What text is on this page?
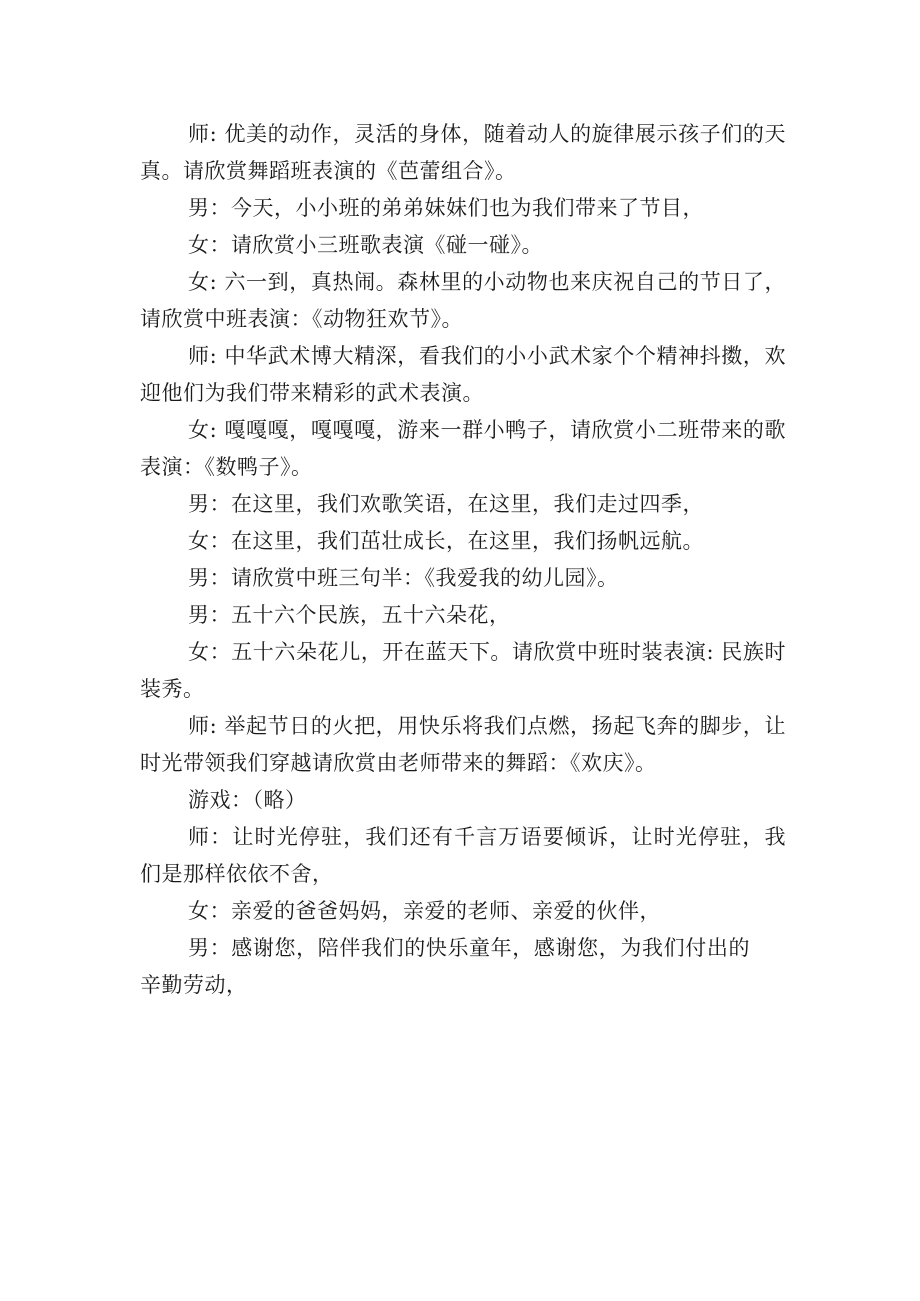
师: 优美的动作，灵活的身体，随着动人的旋律展示孩子们的天真。请欣赏舞蹈班表演的《芭蕾组合》。

男：今天，小小班的弟弟妹妹们也为我们带来了节目，

女：请欣赏小三班歌表演《碰一碰》。

女: 六一到，真热闹。森林里的小动物也来庆祝自己的节日了，请欣赏中班表演：《动物狂欢节》。

师: 中华武术博大精深，看我们的小小武术家个个精神抖擞，欢迎他们为我们带来精彩的武术表演。

女: 嘎嘎嘎，嘎嘎嘎，游来一群小鸭子，请欣赏小二班带来的歌表演：《数鸭子》。

男：在这里，我们欢歌笑语，在这里，我们走过四季，

女：在这里，我们茁壮成长，在这里，我们扬帆远航。

男：请欣赏中班三句半：《我爱我的幼儿园》。

男：五十六个民族，五十六朵花，

女：五十六朵花儿，开在蓝天下。请欣赏中班时装表演: 民族时装秀。

师: 举起节日的火把，用快乐将我们点燃，扬起飞奔的脚步，让时光带领我们穿越请欣赏由老师带来的舞蹈：《欢庆》。

游戏：（略）

师：让时光停驻，我们还有千言万语要倾诉，让时光停驻，我们是那样依依不舍，

女：亲爱的爸爸妈妈，亲爱的老师、亲爱的伙伴，

男：感谢您，陪伴我们的快乐童年，感谢您，为我们付出的辛勤劳动，
